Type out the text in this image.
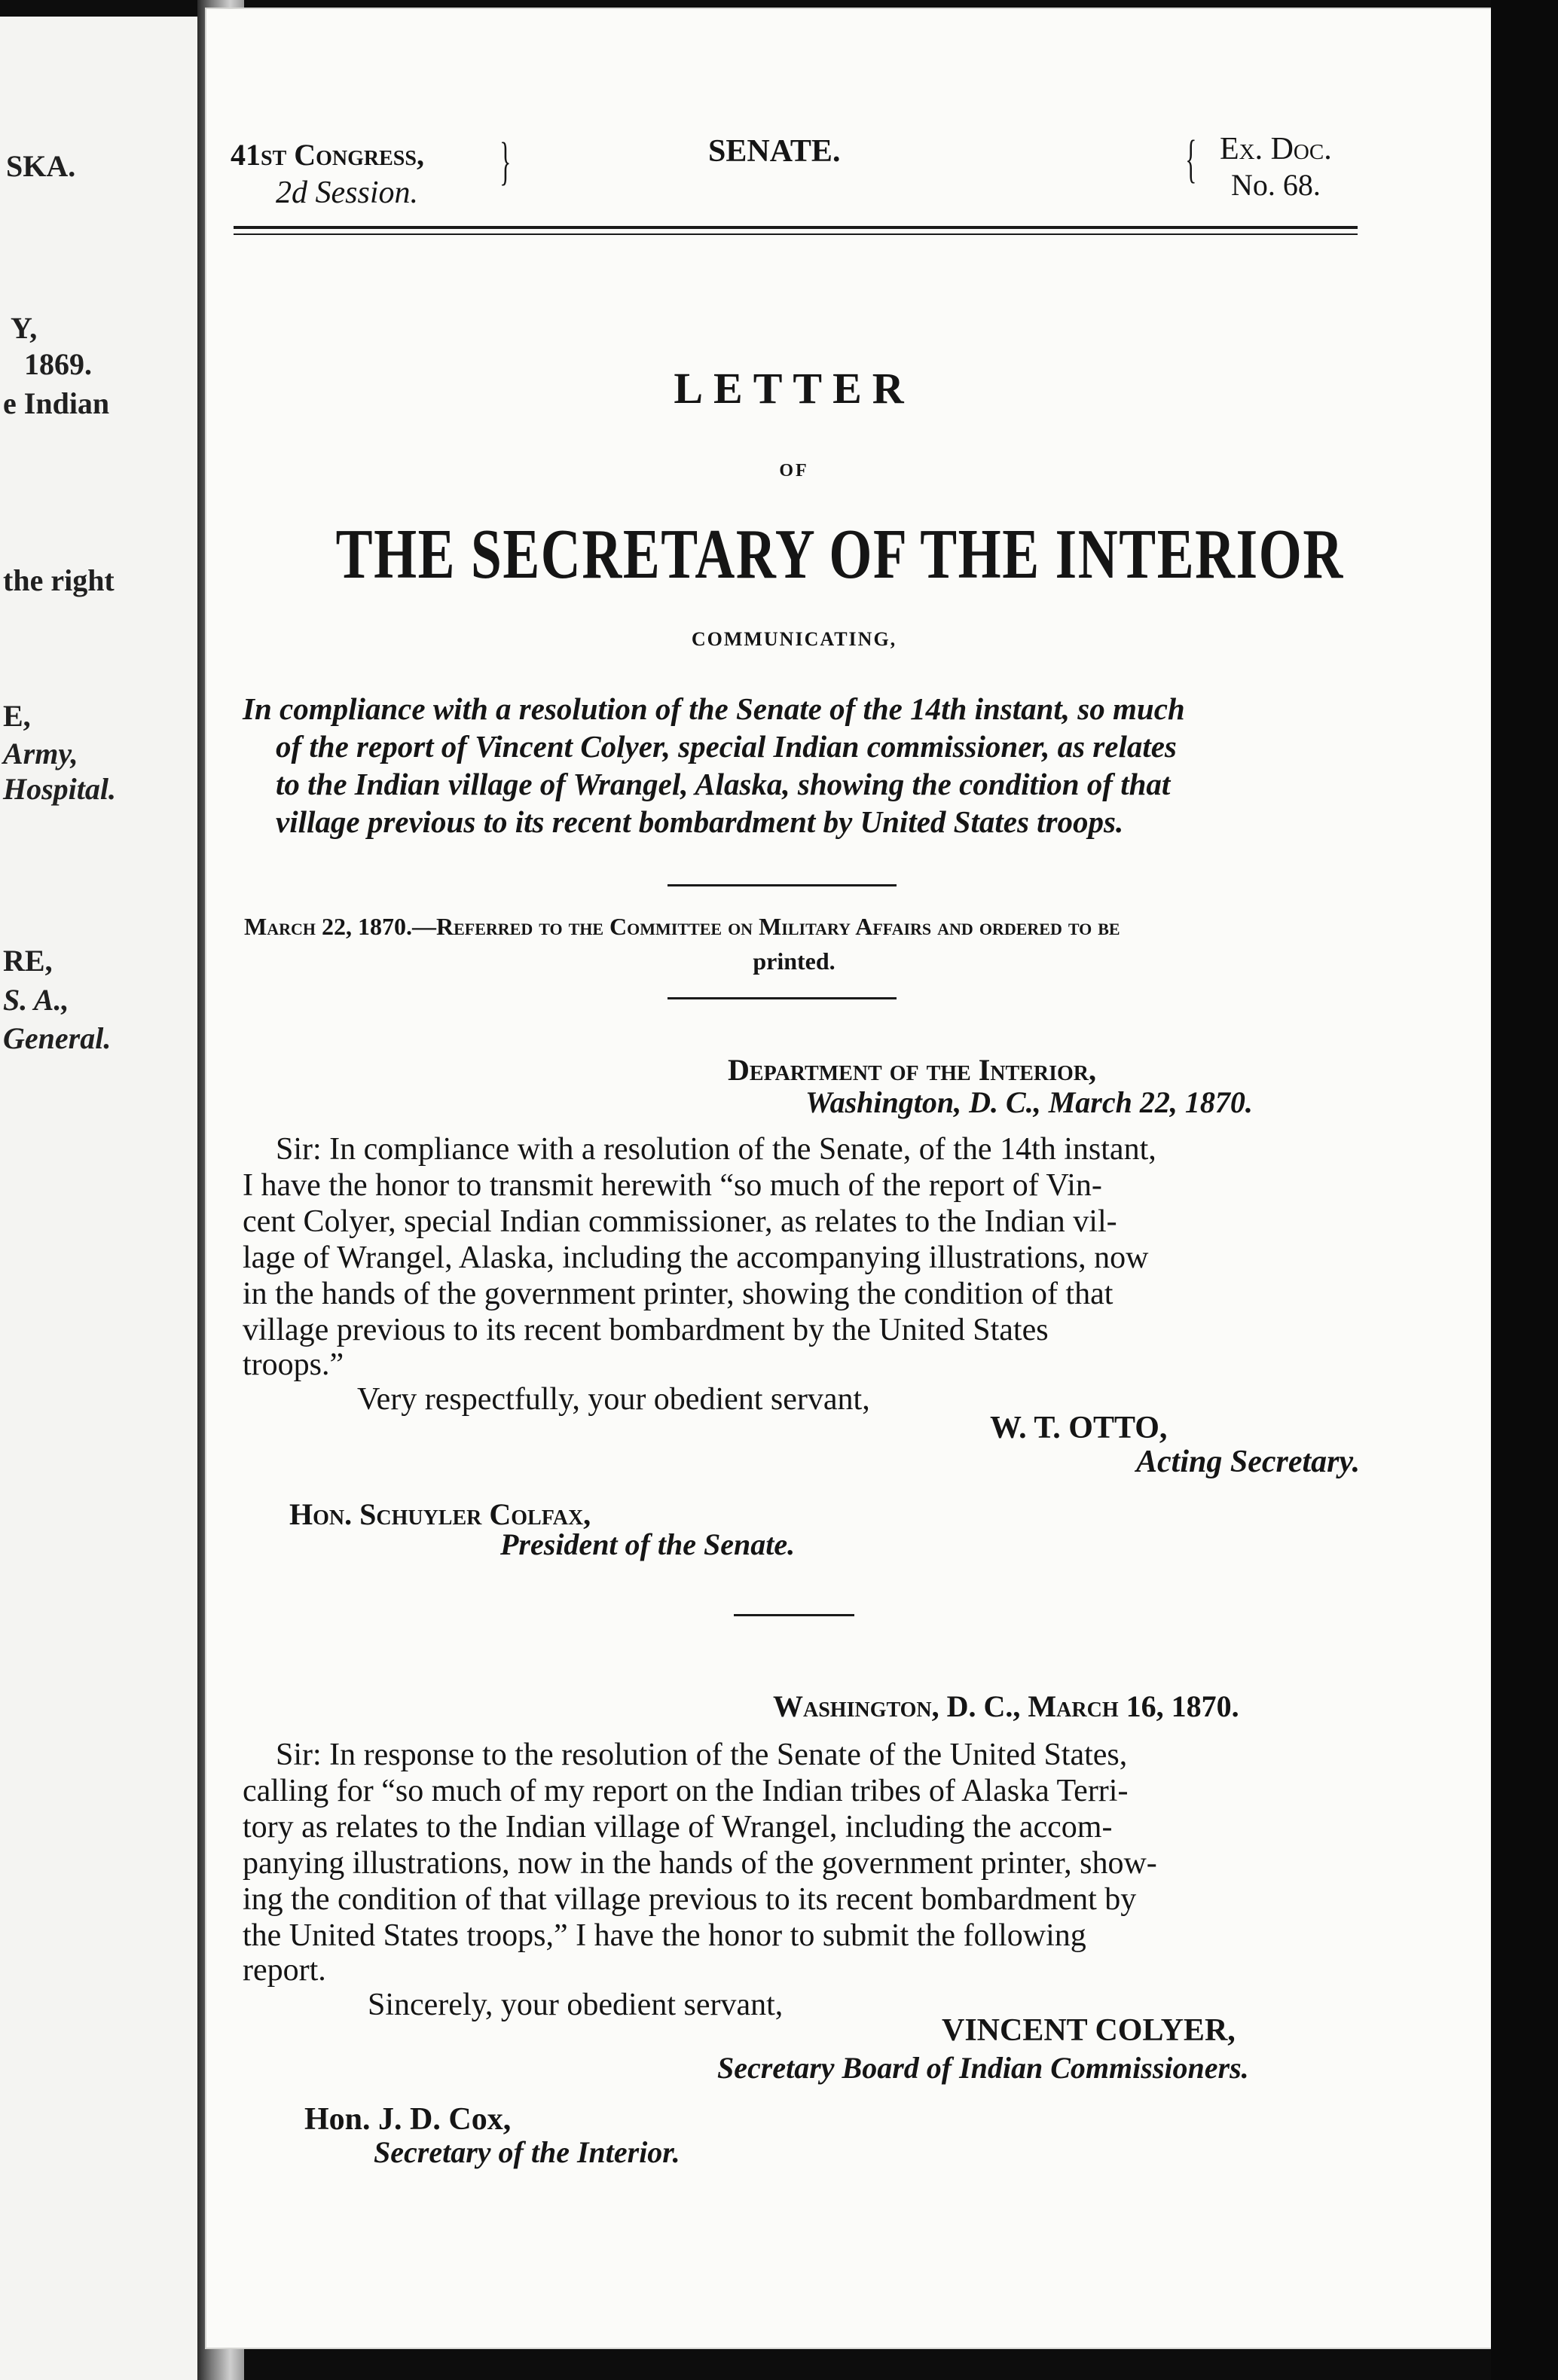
SKA.
Y,
1869.
e Indian
the right
E,
Army,
Hospital.
RE,
S. A.,
General.
41st Congress,
2d Session.
}	SENATE.	{ Ex. Doc.
No. 68.
LETTER
OF
THE SECRETARY OF THE INTERIOR
COMMUNICATING,
In compliance with a resolution of the Senate of the 14th instant, so much
of the report of Vincent Colyer, special Indian commissioner, as relates
to the Indian village of Wrangel, Alaska, showing the condition of that
village previous to its recent bombardment by United States troops.
March 22, 1870.—Referred to the Committee on Military Affairs and ordered to be
printed.
Department of the Interior,
Washington, D. C., March 22, 1870.
Sir: In compliance with a resolution of the Senate, of the 14th instant,
I have the honor to transmit herewith “so much of the report of Vin-
cent Colyer, special Indian commissioner, as relates to the Indian vil-
lage of Wrangel, Alaska, including the accompanying illustrations, now
in the hands of the government printer, showing the condition of that
village previous to its recent bombardment by the United States
troops.”
Very respectfully, your obedient servant,
W. T. OTTO,
Acting Secretary.
Hon. Schuyler Colfax,
President of the Senate.
Washington, D. C., March 16, 1870.
Sir: In response to the resolution of the Senate of the United States,
calling for “so much of my report on the Indian tribes of Alaska Terri-
tory as relates to the Indian village of Wrangel, including the accom-
panying illustrations, now in the hands of the government printer, show-
ing the condition of that village previous to its recent bombardment by
the United States troops,” I have the honor to submit the following
report.
Sincerely, your obedient servant,
VINCENT COLYER,
Secretary Board of Indian Commissioners.
Hon. J. D. Cox,
Secretary of the Interior.
